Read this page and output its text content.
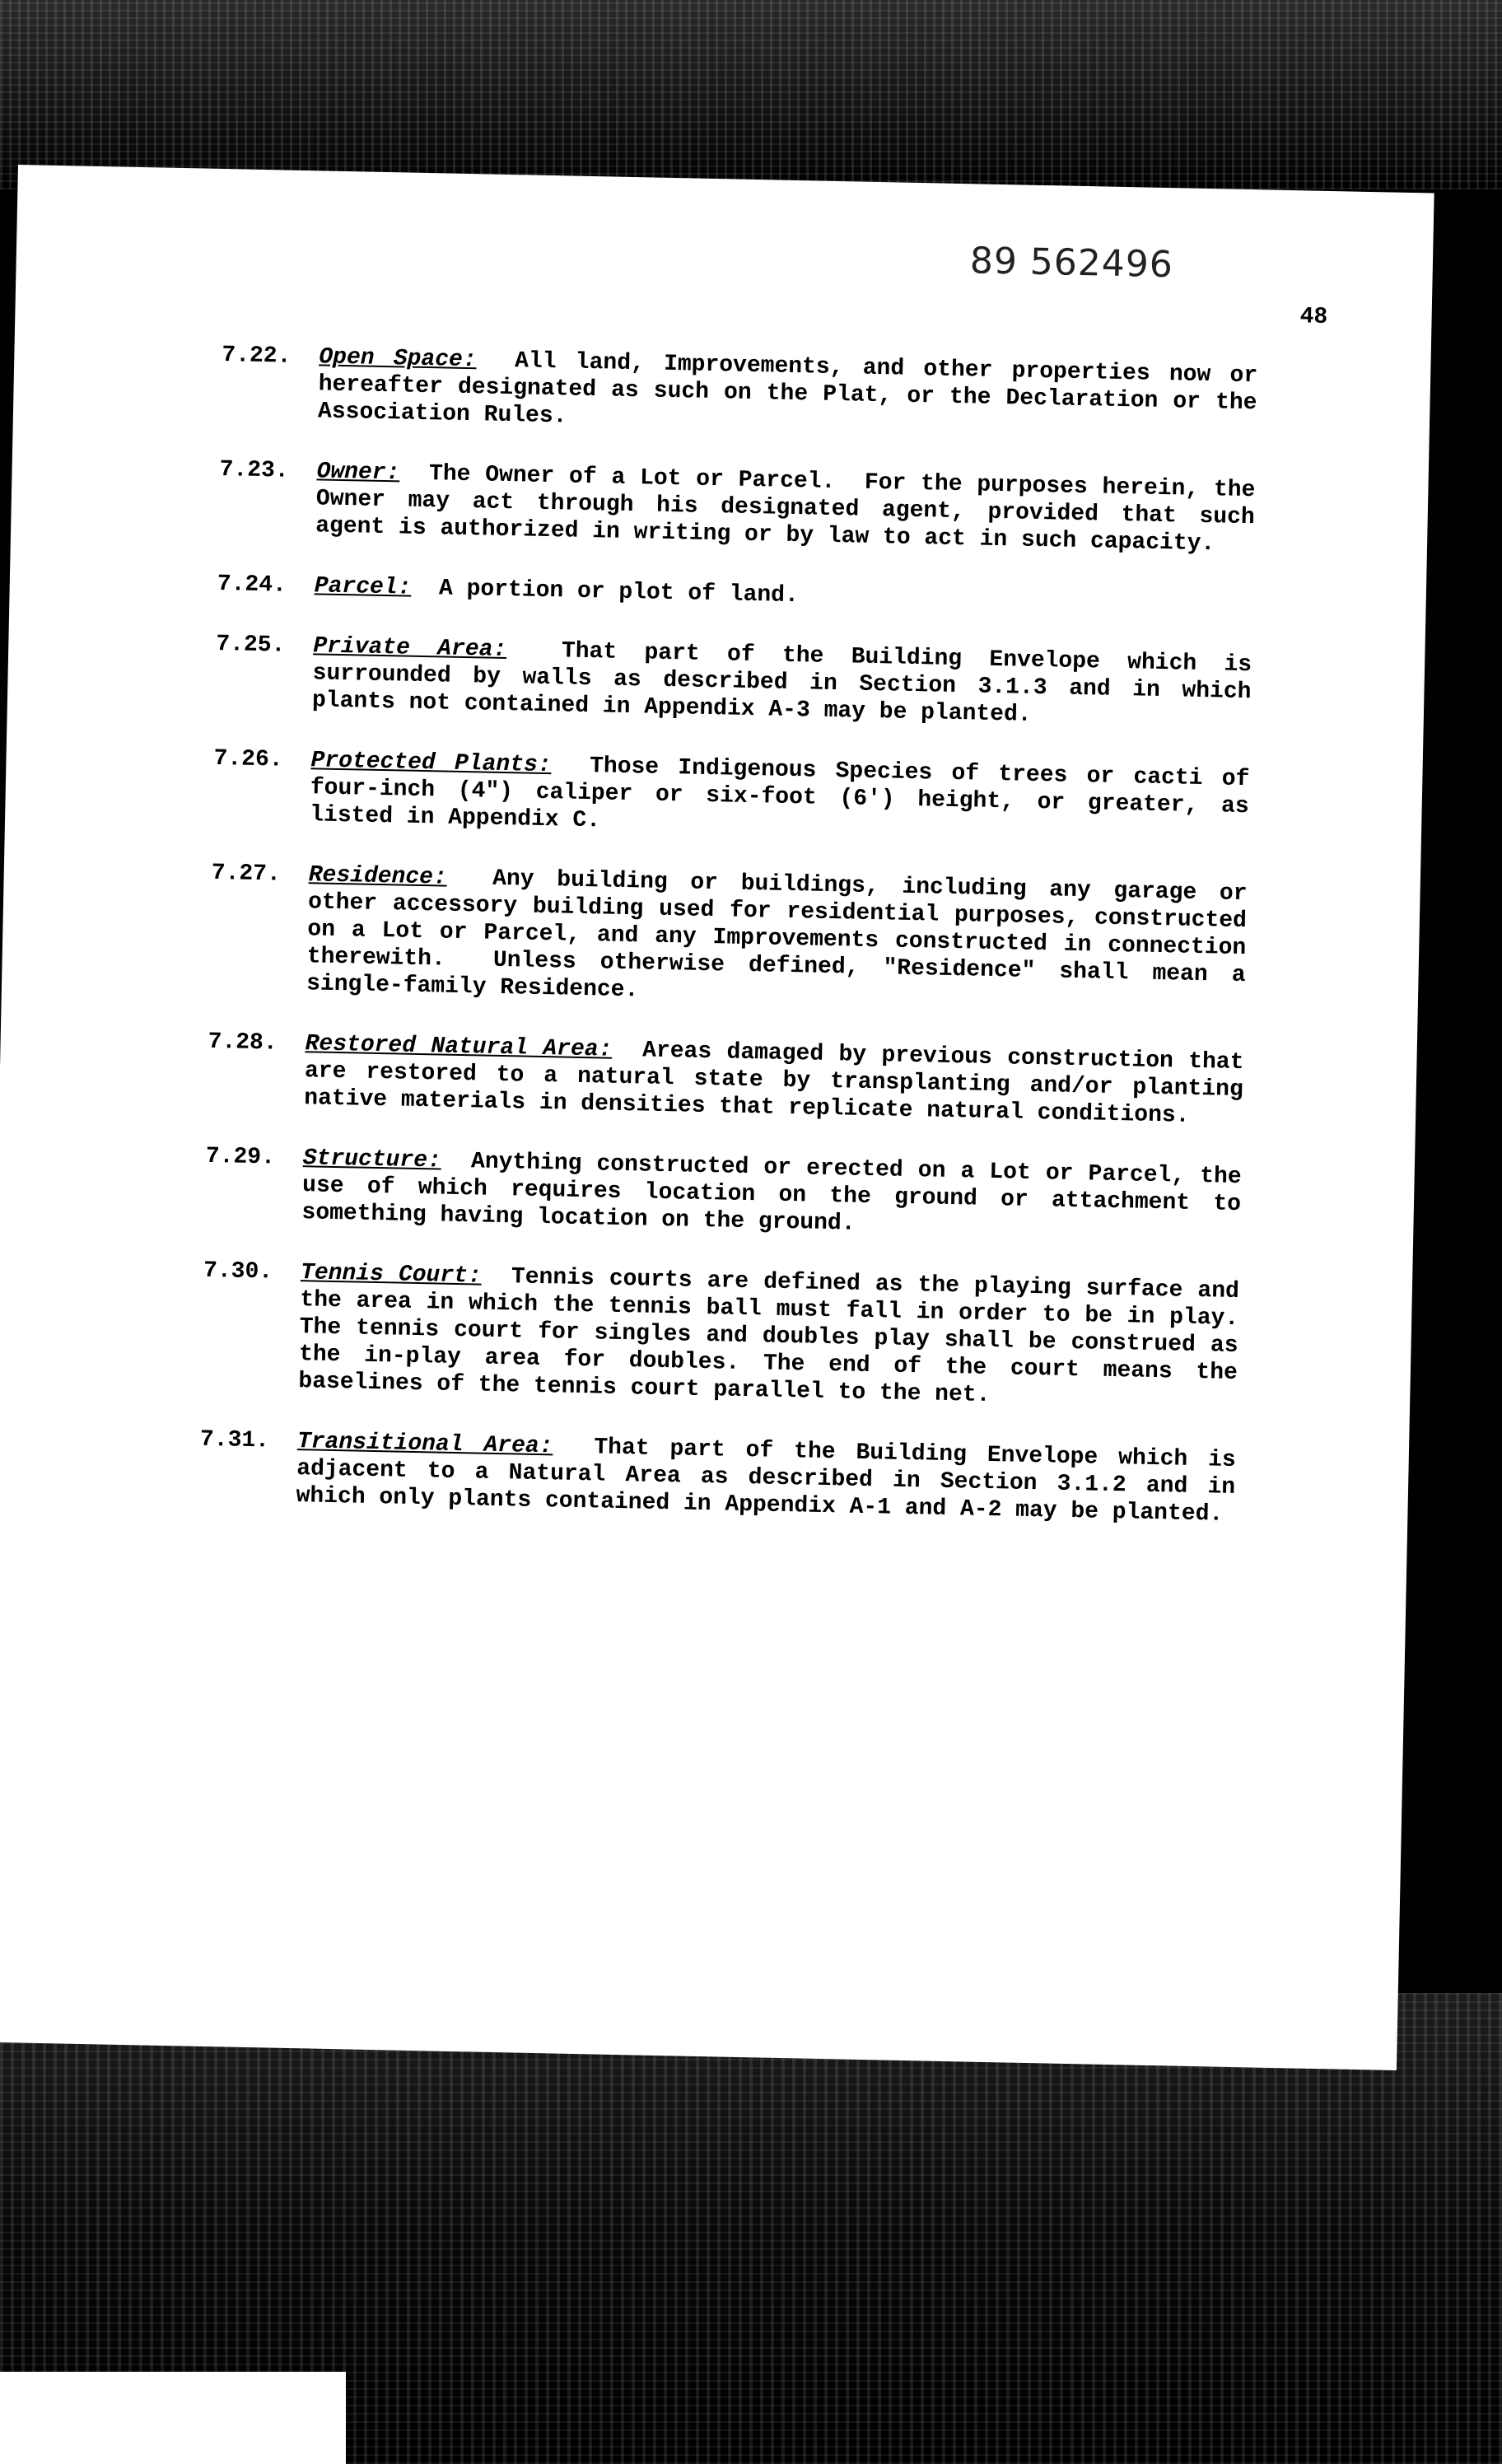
89 562496
48
7.22. Open Space:  All land, Improvements, and other properties now or hereafter designated as such on the Plat, or the Declaration or the Association Rules.
7.23. Owner:  The Owner of a Lot or Parcel.  For the purposes herein, the Owner may act through his designated agent, provided that such agent is authorized in writing or by law to act in such capacity.
7.24. Parcel:  A portion or plot of land.
7.25. Private Area:  That part of the Building Envelope which is surrounded by walls as described in Section 3.1.3 and in which plants not contained in Appendix A-3 may be planted.
7.26. Protected Plants:  Those Indigenous Species of trees or cacti of four-inch (4") caliper or six-foot (6') height, or greater, as listed in Appendix C.
7.27. Residence:  Any building or buildings, including any garage or other accessory building used for residential purposes, constructed on a Lot or Parcel, and any Improvements constructed in connection therewith.  Unless otherwise defined, "Residence" shall mean a single-family Residence.
7.28. Restored Natural Area:  Areas damaged by previous construction that are restored to a natural state by transplanting and/or planting native materials in densities that replicate natural conditions.
7.29. Structure:  Anything constructed or erected on a Lot or Parcel, the use of which requires location on the ground or attachment to something having location on the ground.
7.30. Tennis Court:  Tennis courts are defined as the playing surface and the area in which the tennis ball must fall in order to be in play.  The tennis court for singles and doubles play shall be construed as the in-play area for doubles. The end of the court means the baselines of the tennis court parallel to the net.
7.31. Transitional Area:  That part of the Building Envelope which is adjacent to a Natural Area as described in Section 3.1.2 and in which only plants contained in Appendix A-1 and A-2 may be planted.
